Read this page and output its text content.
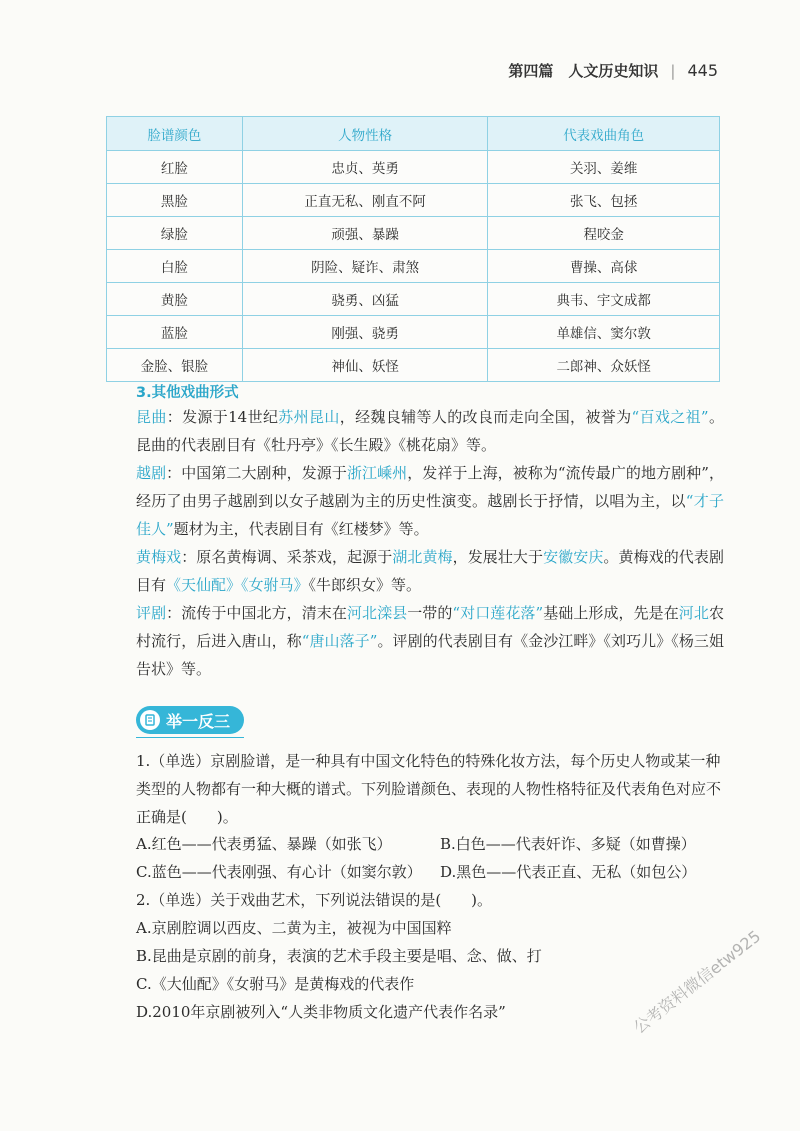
第四篇　人文历史知识 | 445
脸谱颜色	人物性格	代表戏曲角色
红脸	忠贞、英勇	关羽、姜维
黑脸	正直无私、刚直不阿	张飞、包拯
绿脸	顽强、暴躁	程咬金
白脸	阴险、疑诈、肃煞	曹操、高俅
黄脸	骁勇、凶猛	典韦、宇文成都
蓝脸	刚强、骁勇	单雄信、窦尔敦
金脸、银脸	神仙、妖怪	二郎神、众妖怪
3.其他戏曲形式
昆曲：发源于14世纪苏州昆山，经魏良辅等人的改良而走向全国，被誉为“百戏之祖”。昆曲的代表剧目有《牡丹亭》《长生殿》《桃花扇》等。
越剧：中国第二大剧种，发源于浙江嵊州，发祥于上海，被称为“流传最广的地方剧种”，经历了由男子越剧到以女子越剧为主的历史性演变。越剧长于抒情，以唱为主，以“才子佳人”题材为主，代表剧目有《红楼梦》等。
黄梅戏：原名黄梅调、采茶戏，起源于湖北黄梅，发展壮大于安徽安庆。黄梅戏的代表剧目有《天仙配》《女驸马》《牛郎织女》等。
评剧：流传于中国北方，清末在河北滦县一带的“对口莲花落”基础上形成，先是在河北农村流行，后进入唐山，称“唐山落子”。评剧的代表剧目有《金沙江畔》《刘巧儿》《杨三姐告状》等。
举一反三
1.（单选）京剧脸谱，是一种具有中国文化特色的特殊化妆方法，每个历史人物或某一种类型的人物都有一种大概的谱式。下列脸谱颜色、表现的人物性格特征及代表角色对应不正确是(　　)。
A.红色——代表勇猛、暴躁（如张飞）	B.白色——代表奸诈、多疑（如曹操）
C.蓝色——代表刚强、有心计（如窦尔敦） D.黑色——代表正直、无私（如包公）
2.（单选）关于戏曲艺术，下列说法错误的是(　　)。
A.京剧腔调以西皮、二黄为主，被视为中国国粹
B.昆曲是京剧的前身，表演的艺术手段主要是唱、念、做、打
C.《大仙配》《女驸马》是黄梅戏的代表作
D.2010年京剧被列入“人类非物质文化遗产代表作名录”	公考资料微信etw925
